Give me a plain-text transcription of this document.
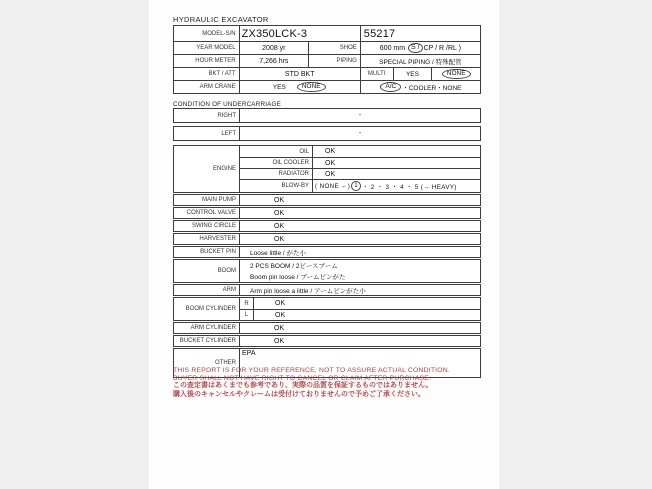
HYDRAULIC EXCAVATOR
MODEL-S/N ZX350LCK-3	55217
YEAR MODEL	2008 yr	SHOE	600 mm
S / CP / R /RL )
HOUR METER	7,266 hrs	PIPING	SPECIAL PIPING / 特殊配管
BKT / ATT	STD BKT	MULTI	YES	NONE
ARM CRANE	YES	NONE	A/C ・COOLER・NONE
CONDITION OF UNDERCARRIAGE
RIGHT	-
LEFT	-
ENGINE
OIL	OK
OIL COOLER	OK
RADIATOR	OK
BLOW-BY ( NONE ←) 1 ・ 2 ・ 3 ・ 4 ・ 5 (→ HEAVY)
MAIN PUMP	OK
CONTROL VALVE	OK
SWING CIRCLE	OK
HARVESTER	OK
BUCKET PIN	Loose little / がた小
BOOM
2 PCS BOOM / 2ピースブーム
Boom pin loose / ブームピンがた
ARM	Arm pin loose a little / アームピンがた小
BOOM CYLINDER
R	OK
L	OK
ARM CYLINDER	OK
BUCKET CYLINDER	OK
OTHER
EPA
THIS REPORT IS FOR YOUR REFERENCE, NOT TO ASSURE ACTUAL CONDITION.
BUYER SHALL NOT HAVE RIGHT TO CANCEL OR CLAIM AFTER PURCHASE.
この査定書はあくまでも参考であり、実際の品質を保証するものではありません。
購入後のキャンセルやクレームは受付けておりませんので予めご了承ください。
